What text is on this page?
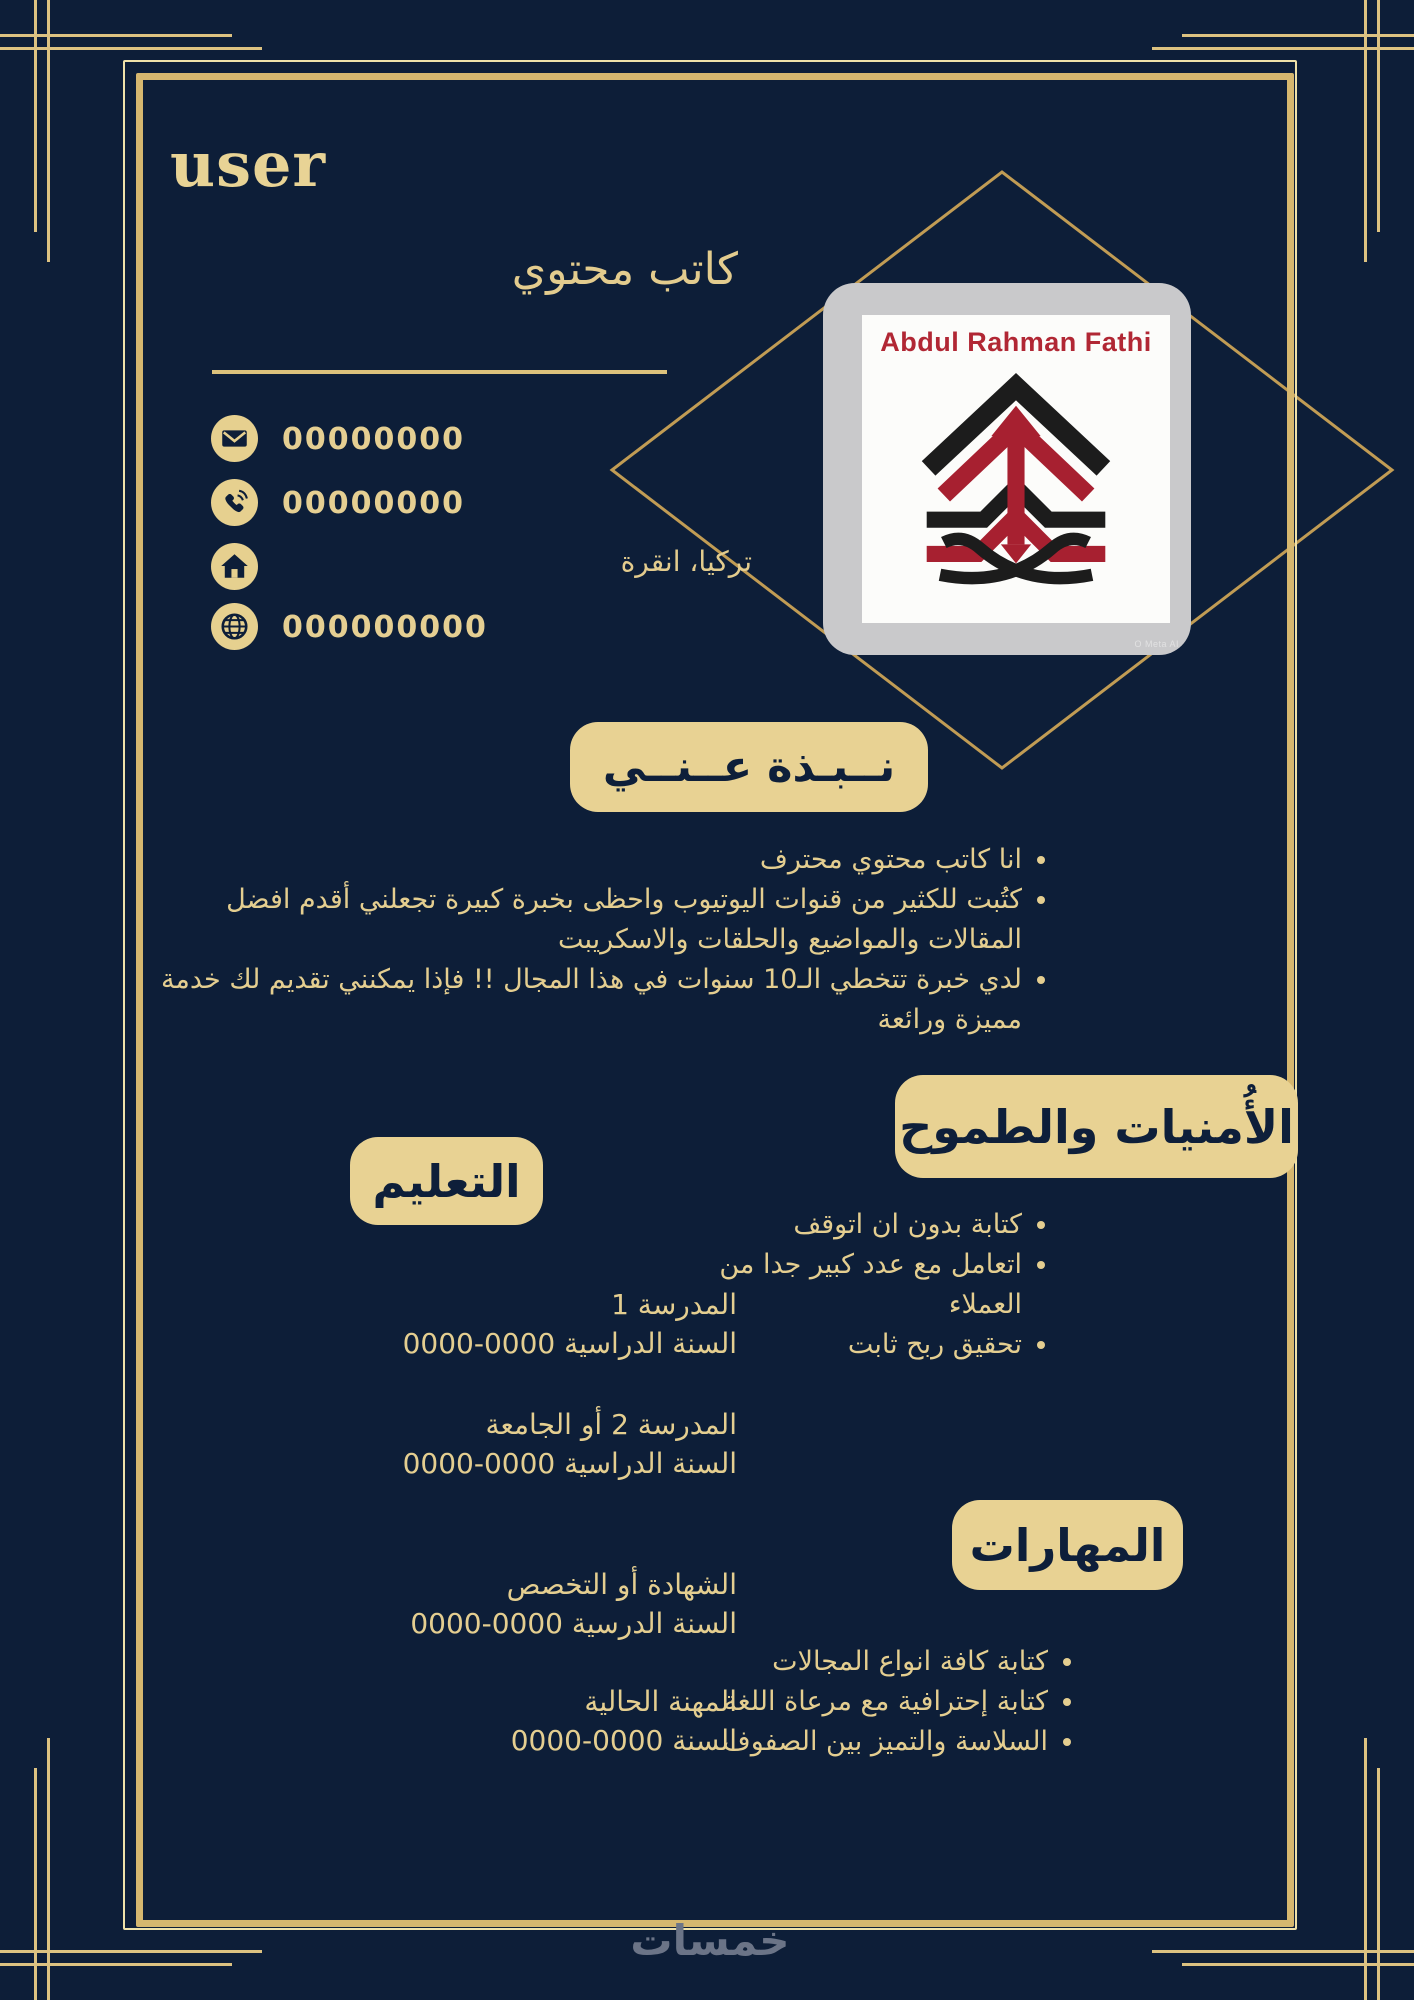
user
كاتب محتوي
00000000
00000000
000000000
تركيا، انقرة
Abdul Rahman Fathi
O Meta AI
نــبـذة عــنــي
• انا كاتب محتوي محترف
• كتُبت للكثير من قنوات اليوتيوب واحظى بخبرة كبيرة تجعلني أقدم افضل المقالات والمواضيع والحلقات والاسكريبت
• لدي خبرة تتخطي الـ10 سنوات في هذا المجال !! فإذا يمكنني تقديم لك خدمة مميزة ورائعة
الأُمنيات والطموح
• كتابة بدون ان اتوقف
• اتعامل مع عدد كبير جدا من العملاء
• تحقيق ربح ثابت
التعليم
المدرسة 1
السنة الدراسية 0000-0000
المدرسة 2 أو الجامعة
السنة الدراسية 0000-0000
الشهادة أو التخصص
السنة الدرسية 0000-0000
المهنة الحالية
السنة 0000-0000
المهارات
• كتابة كافة انواع المجالات
• كتابة إحترافية مع مرعاة اللغة
• السلاسة والتميز بين الصفوف
خمسات
